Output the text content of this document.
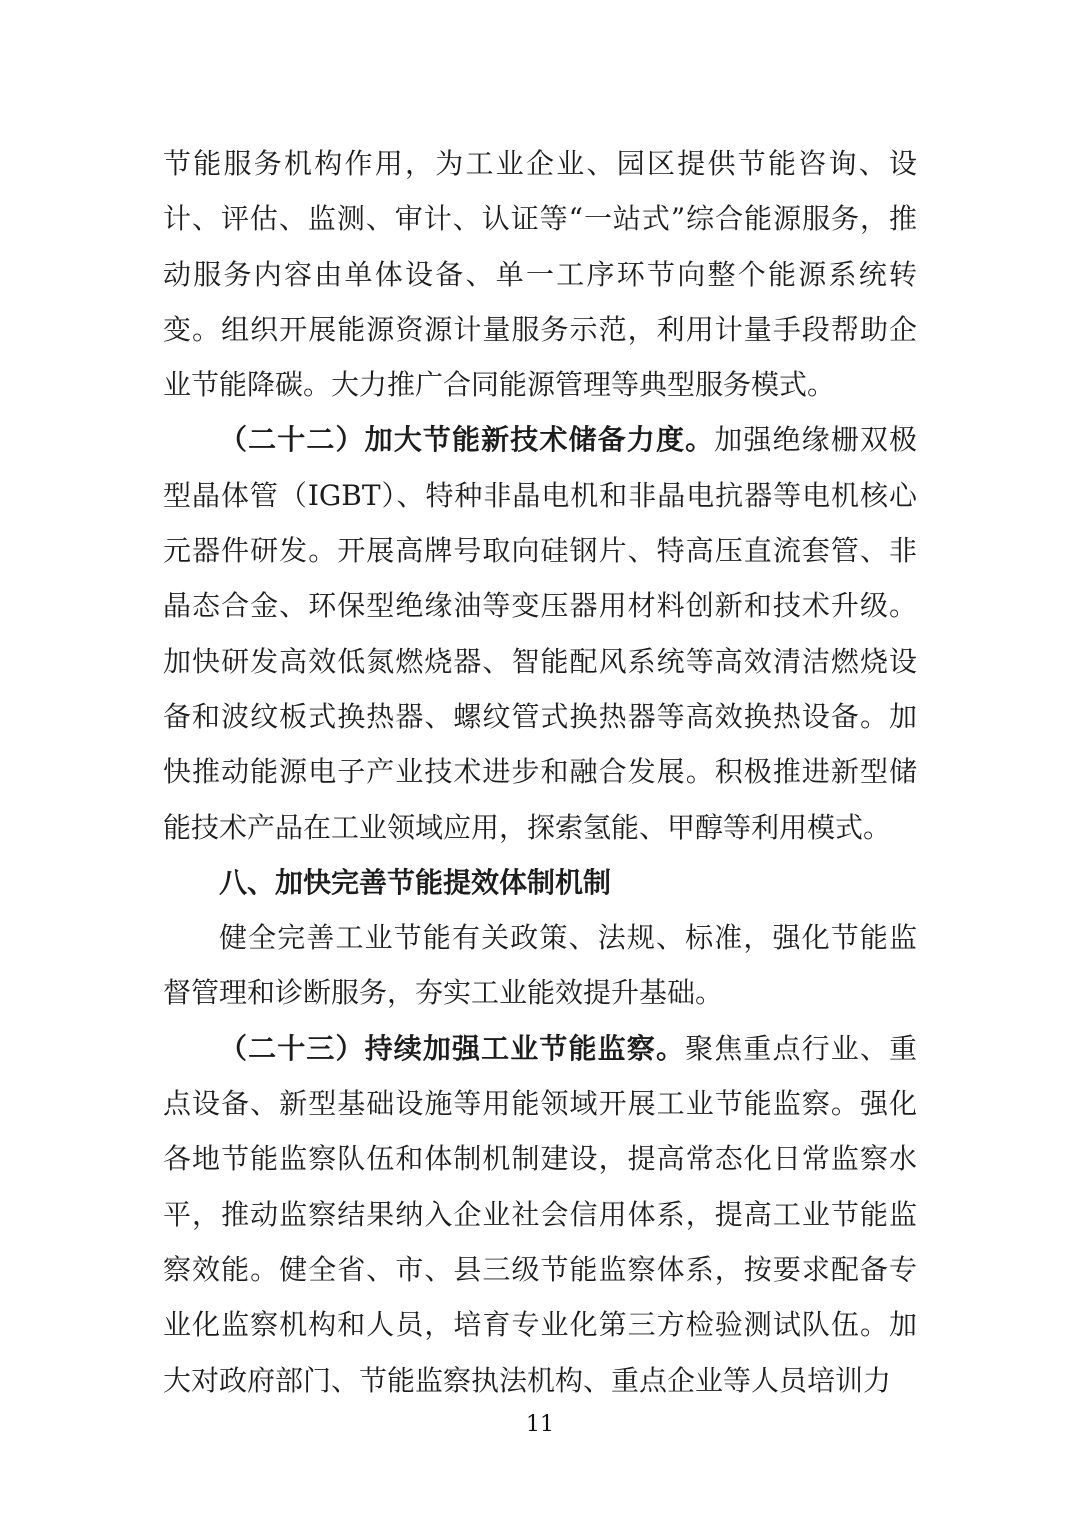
节能服务机构作用，为工业企业、园区提供节能咨询、设计、评估、监测、审计、认证等“一站式”综合能源服务，推动服务内容由单体设备、单一工序环节向整个能源系统转变。组织开展能源资源计量服务示范，利用计量手段帮助企业节能降碳。大力推广合同能源管理等典型服务模式。

（二十二）加大节能新技术储备力度。加强绝缘栅双极型晶体管（IGBT）、特种非晶电机和非晶电抗器等电机核心元器件研发。开展高牌号取向硅钢片、特高压直流套管、非晶态合金、环保型绝缘油等变压器用材料创新和技术升级。加快研发高效低氮燃烧器、智能配风系统等高效清洁燃烧设备和波纹板式换热器、螺纹管式换热器等高效换热设备。加快推动能源电子产业技术进步和融合发展。积极推进新型储能技术产品在工业领域应用，探索氢能、甲醇等利用模式。

八、加快完善节能提效体制机制

健全完善工业节能有关政策、法规、标准，强化节能监督管理和诊断服务，夯实工业能效提升基础。

（二十三）持续加强工业节能监察。聚焦重点行业、重点设备、新型基础设施等用能领域开展工业节能监察。强化各地节能监察队伍和体制机制建设，提高常态化日常监察水平，推动监察结果纳入企业社会信用体系，提高工业节能监察效能。健全省、市、县三级节能监察体系，按要求配备专业化监察机构和人员，培育专业化第三方检验测试队伍。加大对政府部门、节能监察执法机构、重点企业等人员培训力

11
